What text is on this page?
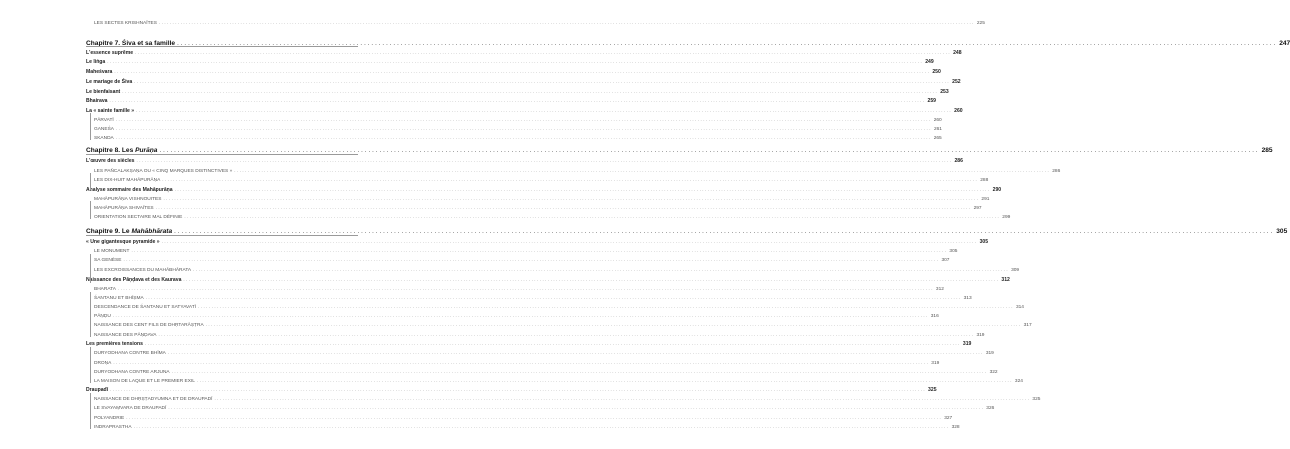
LES SECTES KRISHNAÏTES ............................................................................................................................................................................................................................................................................................................ 225
Chapitre 7. Śiva et sa famille ............................................................................................................................................................................................................................................................................................................ 247
L'essence suprême ............................................................................................................................................................................................................................................................................................................ 248
Le liṅga ............................................................................................................................................................................................................................................................................................................ 249
Maheśvara ............................................................................................................................................................................................................................................................................................................ 250
Le mariage de Śiva ............................................................................................................................................................................................................................................................................................................ 252
Le bienfaisant ............................................................................................................................................................................................................................................................................................................ 253
Bhairava ............................................................................................................................................................................................................................................................................................................ 259
La « sainte famille » ............................................................................................................................................................................................................................................................................................................ 260
PĀRVATĪ ............................................................................................................................................................................................................................................................................................................ 260
GANEŚA ............................................................................................................................................................................................................................................................................................................ 261
SKANDA ............................................................................................................................................................................................................................................................................................................ 265
Chapitre 8. Les Purāṇa ............................................................................................................................................................................................................................................................................................................ 285
L'œuvre des siècles ............................................................................................................................................................................................................................................................................................................ 286
LES PAÑCALAKṢAṆA OU « CINQ MARQUES DISTINCTIVES » ............................................................................................................................................................................................................................................................................................................ 286
LES DIX-HUIT MAHĀPURĀṆA ............................................................................................................................................................................................................................................................................................................ 288
Analyse sommaire des Mahāpurāṇa ............................................................................................................................................................................................................................................................................................................ 290
MAHĀPURĀṆA VISHNOUITES ............................................................................................................................................................................................................................................................................................................ 291
MAHĀPURĀṆA SHIVAÏTES ............................................................................................................................................................................................................................................................................................................ 297
ORIENTATION SECTAIRE MAL DÉFINIE ............................................................................................................................................................................................................................................................................................................ 299
Chapitre 9. Le Mahābhārata ............................................................................................................................................................................................................................................................................................................ 305
« Une gigantesque pyramide » ............................................................................................................................................................................................................................................................................................................ 305
LE MONUMENT ............................................................................................................................................................................................................................................................................................................ 305
SA GENÈSE ............................................................................................................................................................................................................................................................................................................ 307
LES EXCROISSANCES DU MAHĀBHĀRATA ............................................................................................................................................................................................................................................................................................................ 309
Naissance des Pāṇḍava et des Kaurava ............................................................................................................................................................................................................................................................................................................ 312
BHARATA ............................................................................................................................................................................................................................................................................................................ 312
ŚANTANU ET BHĪṢMA ............................................................................................................................................................................................................................................................................................................ 313
DESCENDANCE DE ŚANTANU ET SATYAVATĪ ............................................................................................................................................................................................................................................................................................................ 314
PĀṆḌU ............................................................................................................................................................................................................................................................................................................ 316
NAISSANCE DES CENT FILS DE DHṚTARĀṢṬRA ............................................................................................................................................................................................................................................................................................................ 317
NAISSANCE DES PĀṆḌAVA ............................................................................................................................................................................................................................................................................................................ 319
Les premières tensions ............................................................................................................................................................................................................................................................................................................ 319
DURYODHANA CONTRE BHĪMA ............................................................................................................................................................................................................................................................................................................ 319
DROṆA ............................................................................................................................................................................................................................................................................................................ 319
DURYODHANA CONTRE ARJUNA ............................................................................................................................................................................................................................................................................................................ 322
LA MAISON DE LAQUE ET LE PREMIER EXIL ............................................................................................................................................................................................................................................................................................................ 324
Draupadī ............................................................................................................................................................................................................................................................................................................ 325
NAISSANCE DE DHṚṢṬADYUMNA ET DE DRAUPADĪ ............................................................................................................................................................................................................................................................................................................ 325
LE SVAYAṂVARA DE DRAUPADĪ ............................................................................................................................................................................................................................................................................................................ 326
POLYANDRIE ............................................................................................................................................................................................................................................................................................................ 327
INDRAPRASTHA ............................................................................................................................................................................................................................................................................................................ 328
